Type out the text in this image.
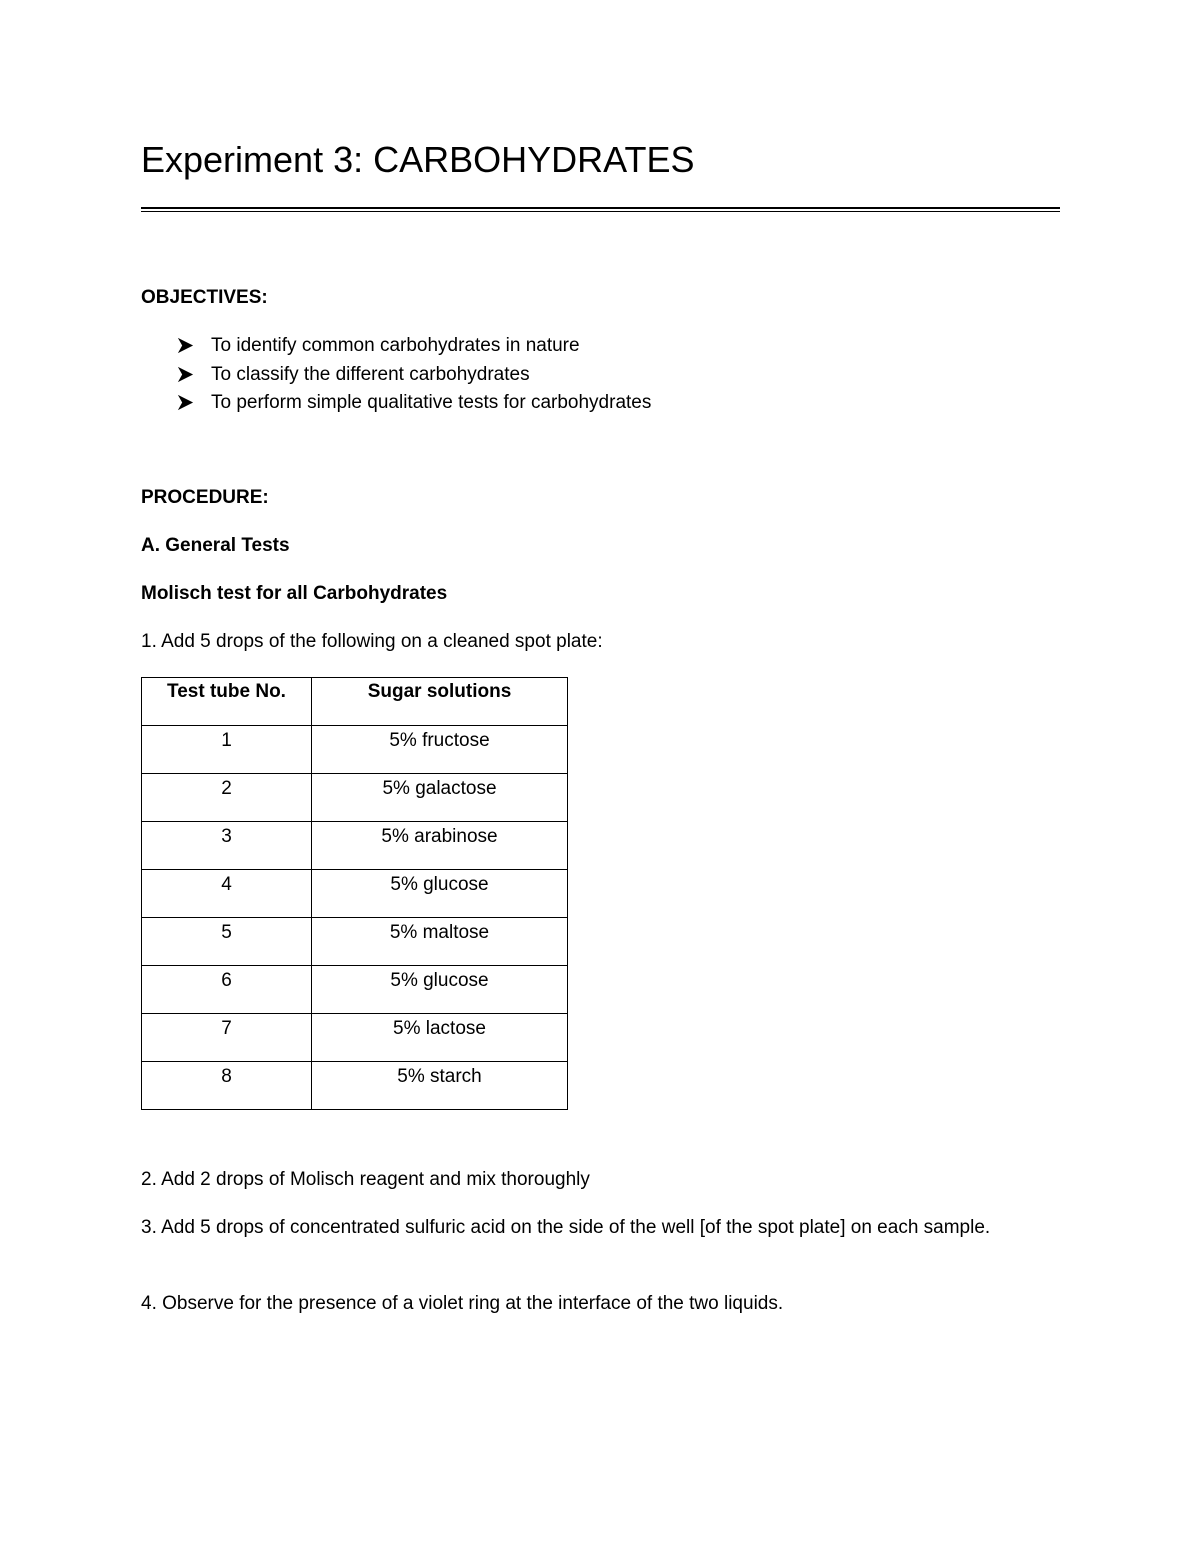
Experiment 3: CARBOHYDRATES
OBJECTIVES:
To identify common carbohydrates in nature
To classify the different carbohydrates
To perform simple qualitative tests for carbohydrates
PROCEDURE:
A. General Tests
Molisch test for all Carbohydrates

1. Add 5 drops of the following on a cleaned spot plate:

Test tube No.	Sugar solutions
1	5% fructose
2	5% galactose
3	5% arabinose
4	5% glucose
5	5% maltose
6	5% glucose
7	5% lactose
8	5% starch

2. Add 2 drops of Molisch reagent and mix thoroughly

3. Add 5 drops of concentrated sulfuric acid on the side of the well [of the spot plate] on each sample.

4. Observe for the presence of a violet ring at the interface of the two liquids.
